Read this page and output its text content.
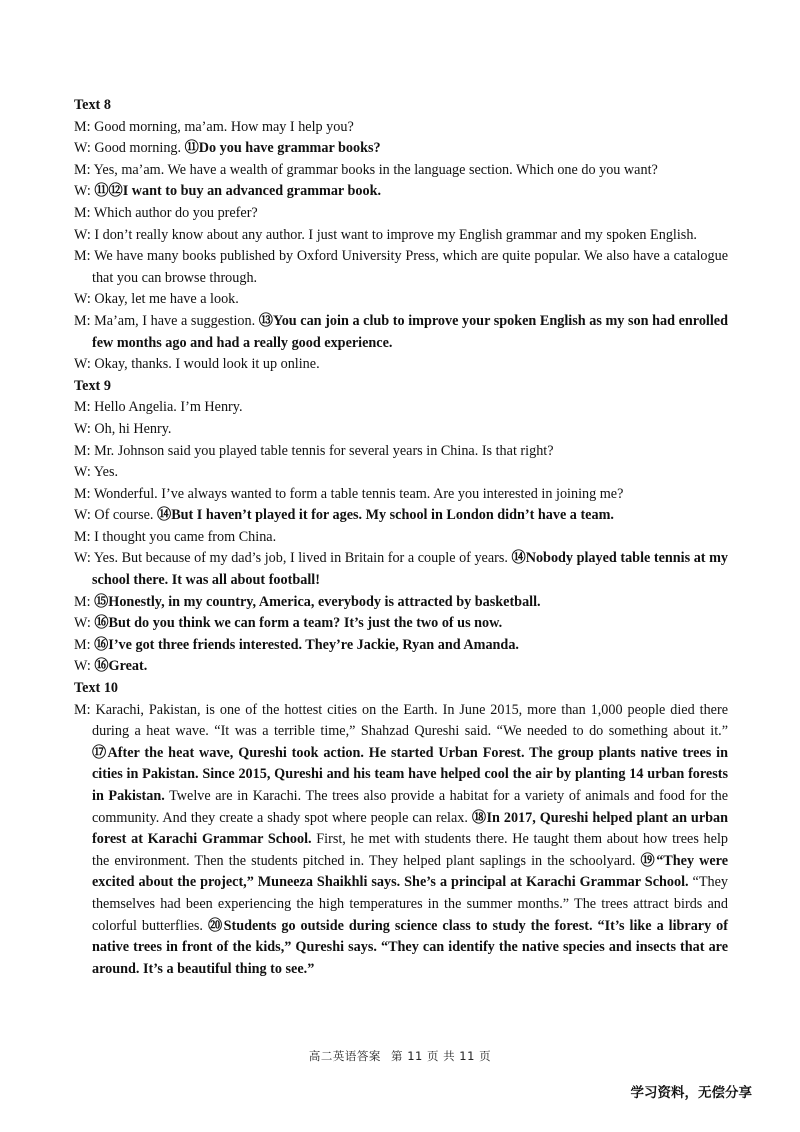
Text 8

M: Good morning, ma’am. How may I help you?

W: Good morning. ⑪Do you have grammar books?

M: Yes, ma’am. We have a wealth of grammar books in the language section. Which one do you want?

W: ⑪⑫I want to buy an advanced grammar book.

M: Which author do you prefer?

W: I don’t really know about any author. I just want to improve my English grammar and my spoken English.

M: We have many books published by Oxford University Press, which are quite popular. We also have a catalogue that you can browse through.

W: Okay, let me have a look.

M: Ma’am, I have a suggestion. ⑬You can join a club to improve your spoken English as my son had enrolled few months ago and had a really good experience.

W: Okay, thanks. I would look it up online.

Text 9

M: Hello Angelia. I’m Henry.

W: Oh, hi Henry.

M: Mr. Johnson said you played table tennis for several years in China. Is that right?

W: Yes.

M: Wonderful. I’ve always wanted to form a table tennis team. Are you interested in joining me?

W: Of course. ⑭But I haven’t played it for ages. My school in London didn’t have a team.

M: I thought you came from China.

W: Yes. But because of my dad’s job, I lived in Britain for a couple of years. ⑭Nobody played table tennis at my school there. It was all about football!

M: ⑮Honestly, in my country, America, everybody is attracted by basketball.

W: ⑯But do you think we can form a team? It’s just the two of us now.

M: ⑯I’ve got three friends interested. They’re Jackie, Ryan and Amanda.

W: ⑯Great.

Text 10

M: Karachi, Pakistan, is one of the hottest cities on the Earth. In June 2015, more than 1,000 people died there during a heat wave. “It was a terrible time,” Shahzad Qureshi said. “We needed to do something about it.” ⑰After the heat wave, Qureshi took action. He started Urban Forest. The group plants native trees in cities in Pakistan. Since 2015, Qureshi and his team have helped cool the air by planting 14 urban forests in Pakistan. Twelve are in Karachi. The trees also provide a habitat for a variety of animals and food for the community. And they create a shady spot where people can relax. ⑱In 2017, Qureshi helped plant an urban forest at Karachi Grammar School. First, he met with students there. He taught them about how trees help the environment. Then the students pitched in. They helped plant saplings in the schoolyard. ⑲“They were excited about the project,” Muneeza Shaikhli says. She’s a principal at Karachi Grammar School. “They themselves had been experiencing the high temperatures in the summer months.” The trees attract birds and colorful butterflies. ⑳Students go outside during science class to study the forest. “It’s like a library of native trees in front of the kids,” Qureshi says. “They can identify the native species and insects that are around. It’s a beautiful thing to see.”

高二英语答案 第 11 页 共 11 页
学习资料，无偿分享
